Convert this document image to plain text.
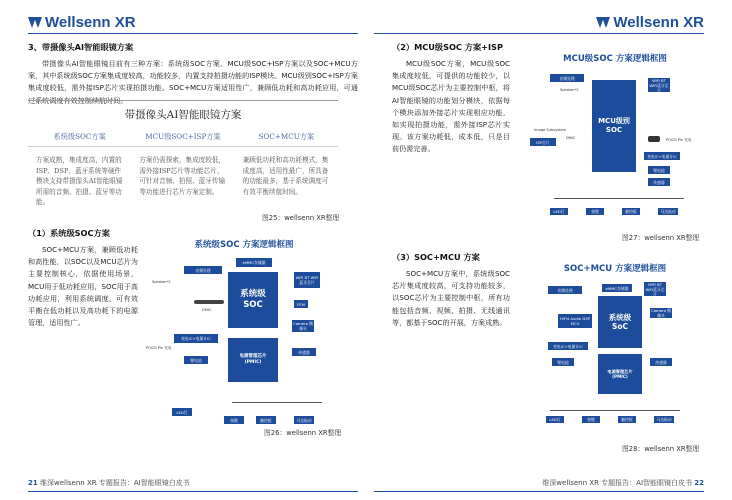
Wellsenn XR

3、带摄像头AI智能眼镜方案

带摄像头AI智能眼镜目前有三种方案：系统级SOC方案、MCU级SOC+ISP方案以及SOC+MCU方案，其中系统级SOC方案集成度较高，功能较多，内置支持拍摄功能的ISP模块。MCU级别SOC+ISP方案集成度较低，需外接ISP芯片实现拍摄功能。SOC+MCU方案适用性广，兼顾低功耗和高功耗应用，可通过系统调度有效控制续航时间。

带摄像头AI智能眼镜方案
系统级SOC方案
方案成熟，集成度高，内置的ISP、DSP、蓝牙系统等硬件模块支持带摄像头AI智能眼镜所需的音频、拍摄、蓝牙等功能。
MCU级SOC+ISP方案
方案仍需探索，集成度较低，需外接ISP芯片等功能芯片，可针对音频、拍照、蓝牙传输等功能进行芯片方案定制。
SOC+MCU方案
兼顾低功耗和高功耗模式，集成度高，适用性最广，所具备的功能最多，基于系统调度可有效平衡续航时间。
图25：wellsenn XR整理

（1）系统级SOC方案

SOC+MCU方案，兼顾低功耗和高性能，以SOC以及MCU芯片为主要控制核心，依据使用场景，MCU用于低功耗应用，SOC用于高功耗应用，利用系统调度，可有效平衡在低功耗以及高功耗下的电源管理，适用性广。

系统级SOC 方案逻辑框图
音频处理
Speaker*2
eMMC存储器
系统级
SOC
WiFi BT WiFi蓝牙芯片
FEM
Camera 摄像头
DMIC
充电IC+电量计IC
POGO Pin 充电
锂电池
电源管理芯片
(PMIC)
传感器
LED灯
按键	触控板	马达振动
图26：wellsenn XR整理
21 维深wellsenn XR 专题报告：AI智能眼镜白皮书
Wellsenn XR

（2）MCU级SOC 方案+ISP

MCU级SOC方案，MCU级SOC集成度较低，可提供的功能较少，以MCU级SOC芯片为主要控制中枢，将AI智能眼镜的功能划分模块，依据每个模块添加外接芯片实现相应功能，如实现拍摄功能，需外接ISP芯片实现。该方案功耗低，成本低，只是目前仍需完善。

MCU级SOC 方案逻辑框图
音频处理
Speaker*2
MCU级别
SOC
WiFi BT WiFi蓝牙芯片
Image Subsystem
ISP芯片
DMIC	POGO Pin 充电
充电IC+电量计IC
锂电池
传感器
LED灯	按键	触控板	马达振动
图27：wellsenn XR整理

（3）SOC+MCU 方案

SOC+MCU方案中，系统级SOC芯片集成度较高，可支持功能较多，以SOC芯片为主要控制中枢，所有功能包括音频、视频、拍摄、无线通讯等，都基于SOC的开展，方案成熟。

SOC+MCU 方案逻辑框图
音频处理	eMMC存储器
WiFi BT WiFi蓝牙芯片
HiFi4 Audio DSP MCU
系统级
SoC
Camera 摄像头
充电IC+电量计IC
锂电池
电源管理芯片
(PMIC)
传感器
LED灯	按键	触控板	马达振动
图28：wellsenn XR整理
维深wellsenn XR 专题报告：AI智能眼镜白皮书 22
